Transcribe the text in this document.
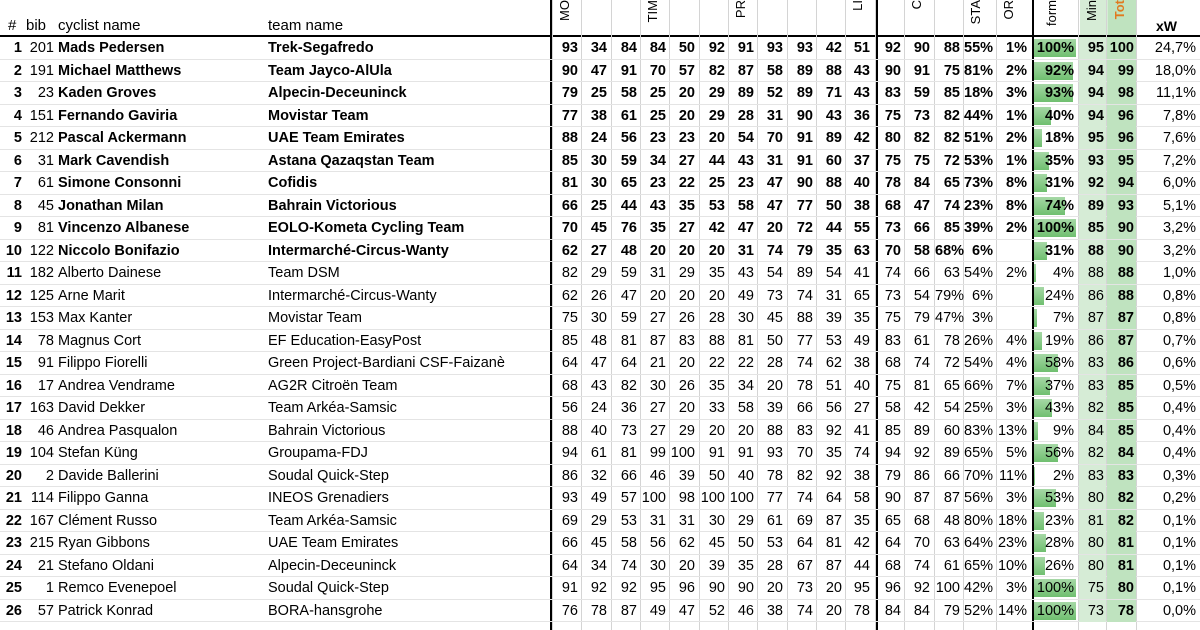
# bib cyclist name	team name
MO	TIM	PR	LI	C	STA OR form Min Tot
xW
1 201 Mads Pedersen	Trek-Segafredo	93 34 84 84 50 92 91 93 93 42 51	92 90 88 55% 1% 100% 95 100	24,7%
2 191 Michael Matthews	Team Jayco-AlUla	90 47 91 70 57 82 87 58 89 88 43	90 91 75 81% 2%	92% 94 99	18,0%
3	23 Kaden Groves	Alpecin-Deceuninck	79 25 58 25 20 29 89 52 89 71 43	83 59 85 18% 3%	93% 94 98	11,1%
4 151 Fernando Gaviria	Movistar Team	77 38 61 25 20 29 28 31 90 43 36	75 73 82 44% 1%	40% 94 96	7,8%
5 212 Pascal Ackermann	UAE Team Emirates	88 24 56 23 23 20 54 70 91 89 42	80 82 82 51% 2%	18% 95 96	7,6%
6	31 Mark Cavendish	Astana Qazaqstan Team	85 30 59 34 27 44 43 31 91 60 37	75 75 72 53% 1%	35% 93 95	7,2%
7	61 Simone Consonni	Cofidis	81 30 65 23 22 25 23 47 90 88 40	78 84 65 73% 8%	31% 92 94	6,0%
8	45 Jonathan Milan	Bahrain Victorious	66 25 44 43 35 53 58 47 77 50 38	68 47 74 23% 8%	74% 89 93	5,1%
9	81 Vincenzo Albanese	EOLO-Kometa Cycling Team	70 45 76 35 27 42 47 20 72 44 55	73 66 85 39% 2% 100% 85 90	3,2%
10 122 Niccolo Bonifazio	Intermarché-Circus-Wanty	62 27 48 20 20 20 31 74 79 35 63	70 58 68% 6%	31% 88 90	3,2%
11 182 Alberto Dainese	Team DSM	82 29 59 31 29 35 43 54 89 54 41	74 66 63 54% 2%	4% 88 88	1,0%
12 125 Arne Marit	Intermarché-Circus-Wanty	62 26 47 20 20 20 49 73 74 31 65	73 54 79% 6%	24% 86 88	0,8%
13 153 Max Kanter	Movistar Team	75 30 59 27 26 28 30 45 88 39 35	75 79 47% 3%	7% 87 87	0,8%
14	78 Magnus Cort	EF Education-EasyPost	85 48 81 87 83 88 81 50 77 53 49	83 61 78 26% 4%	19% 86 87	0,7%
15	91 Filippo Fiorelli	Green Project-Bardiani CSF-Faizanè	64 47 64 21 20 22 22 28 74 62 38	68 74 72 54% 4%	58% 83 86	0,6%
16	17 Andrea Vendrame	AG2R Citroën Team	68 43 82 30 26 35 34 20 78 51 40	75 81 65 66% 7%	37% 83 85	0,5%
17 163 David Dekker	Team Arkéa-Samsic	56 24 36 27 20 33 58 39 66 56 27	58 42 54 25% 3%	43% 82 85	0,4%
18	46 Andrea Pasqualon	Bahrain Victorious	88 40 73 27 29 20 20 88 83 92 41	85 89 60 83% 13%	9% 84 85	0,4%
19 104 Stefan Küng	Groupama-FDJ	94 61 81 99 100 91 91 93 70 35 74	94 92 89 65% 5%	56% 82 84	0,4%
20	2 Davide Ballerini	Soudal Quick-Step	86 32 66 46 39 50 40 78 82 92 38	79 86 66 70% 11%	2% 83 83	0,3%
21 114 Filippo Ganna	INEOS Grenadiers	93 49 57 100 98 100 100 77 74 64 58	90 87 87 56% 3%	53% 80 82	0,2%
22 167 Clément Russo	Team Arkéa-Samsic	69 29 53 31 31 30 29 61 69 87 35	65 68 48 80% 18%	23% 81 82	0,1%
23 215 Ryan Gibbons	UAE Team Emirates	66 45 58 56 62 45 50 53 64 81 42	64 70 63 64% 23%	28% 80 81	0,1%
24	21 Stefano Oldani	Alpecin-Deceuninck	64 34 74 30 20 39 35 28 67 87 44	68 74 61 65% 10%	26% 80 81	0,1%
25	1 Remco Evenepoel	Soudal Quick-Step	91 92 92 95 96 90 90 20 73 20 95	96 92 100 42% 3% 100% 75 80	0,1%
26	57 Patrick Konrad	BORA-hansgrohe	76 78 87 49 47 52 46 38 74 20 78	84 84 79 52% 14% 100% 73 78	0,0%
